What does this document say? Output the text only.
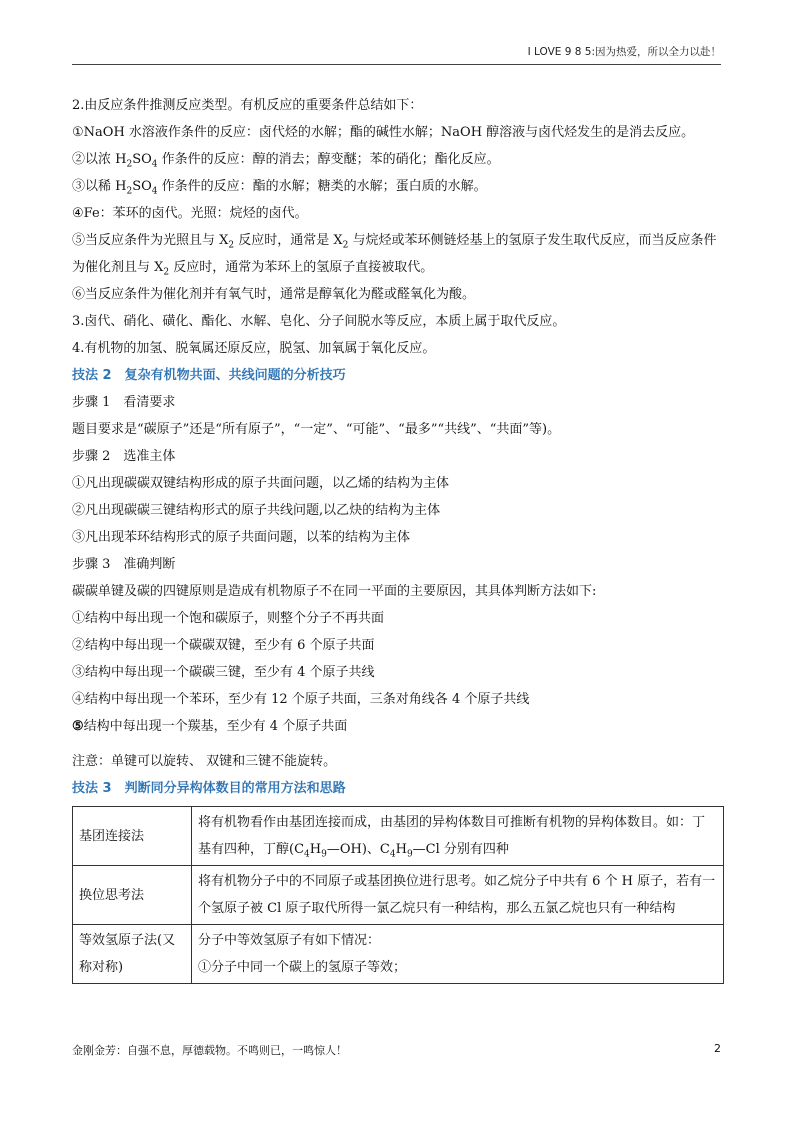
I LOVE 9 8 5:因为热爱，所以全力以赴！
2.由反应条件推测反应类型。有机反应的重要条件总结如下：
①NaOH 水溶液作条件的反应：卤代烃的水解；酯的碱性水解；NaOH 醇溶液与卤代烃发生的是消去反应。
②以浓 $H_2SO_4$ 作条件的反应：醇的消去；醇变醚；苯的硝化；酯化反应。
③以稀 $H_2SO_4$ 作条件的反应：酯的水解；糖类的水解；蛋白质的水解。
④Fe：苯环的卤代。光照：烷烃的卤代。
⑤当反应条件为光照且与 $X_2$ 反应时，通常是 $X_2$ 与烷烃或苯环侧链烃基上的氢原子发生取代反应，而当反应条件为催化剂且与 $X_2$ 反应时，通常为苯环上的氢原子直接被取代。
⑥当反应条件为催化剂并有氧气时，通常是醇氧化为醛或醛氧化为酸。
3.卤代、硝化、磺化、酯化、水解、皂化、分子间脱水等反应，本质上属于取代反应。
4.有机物的加氢、脱氧属还原反应，脱氢、加氧属于氧化反应。
技法 2　复杂有机物共面、共线问题的分析技巧
步骤 1　看清要求
题目要求是“碳原子”还是“所有原子”，“一定”、“可能”、“最多”“共线”、“共面”等)。
步骤 2　选准主体
①凡出现碳碳双键结构形成的原子共面问题，以乙烯的结构为主体
②凡出现碳碳三键结构形式的原子共线问题,以乙炔的结构为主体
③凡出现苯环结构形式的原子共面问题，以苯的结构为主体
步骤 3　准确判断
碳碳单键及碳的四键原则是造成有机物原子不在同一平面的主要原因，其具体判断方法如下:
①结构中每出现一个饱和碳原子，则整个分子不再共面
②结构中每出现一个碳碳双键，至少有 6 个原子共面
③结构中每出现一个碳碳三键，至少有 4 个原子共线
④结构中每出现一个苯环，至少有 12 个原子共面，三条对角线各 4 个原子共线
⑤结构中每出现一个羰基，至少有 4 个原子共面
注意：单键可以旋转、 双键和三键不能旋转。
技法 3　判断同分异构体数目的常用方法和思路
基团连接法	将有机物看作由基团连接而成，由基团的异构体数目可推断有机物的异构体数目。如：丁基有四种，丁醇$(C_4H_9—OH)$、$C_4H_9—Cl$ 分别有四种
换位思考法	将有机物分子中的不同原子或基团换位进行思考。如乙烷分子中共有 6 个 H 原子，若有一个氢原子被 Cl 原子取代所得一氯乙烷只有一种结构，那么五氯乙烷也只有一种结构
等效氢原子法(又称对称)	分子中等效氢原子有如下情况：
①分子中同一个碳上的氢原子等效；
金刚金芳：自强不息，厚德载物。不鸣则已，一鸣惊人！	2
